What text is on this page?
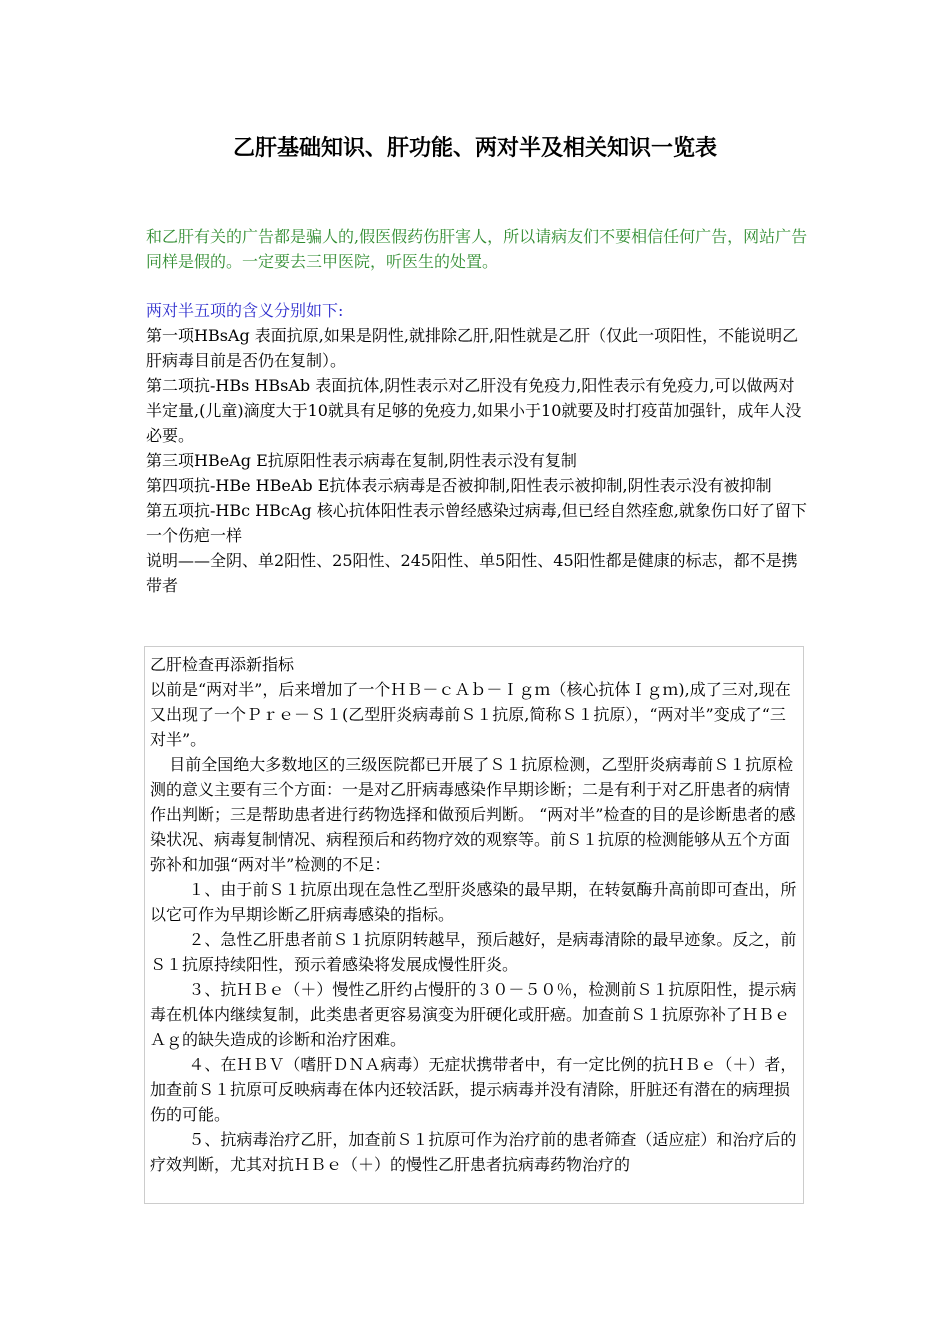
乙肝基础知识、肝功能、两对半及相关知识一览表

和乙肝有关的广告都是骗人的,假医假药伤肝害人，所以请病友们不要相信任何广告，网站广告同样是假的。一定要去三甲医院，听医生的处置。

两对半五项的含义分别如下:

第一项HBsAg 表面抗原,如果是阴性,就排除乙肝,阳性就是乙肝（仅此一项阳性，不能说明乙肝病毒目前是否仍在复制）。

第二项抗-HBs HBsAb 表面抗体,阴性表示对乙肝没有免疫力,阳性表示有免疫力,可以做两对半定量,(儿童)滴度大于10就具有足够的免疫力,如果小于10就要及时打疫苗加强针，成年人没必要。

第三项HBeAg E抗原阳性表示病毒在复制,阴性表示没有复制

第四项抗-HBe HBeAb E抗体表示病毒是否被抑制,阳性表示被抑制,阴性表示没有被抑制

第五项抗-HBc HBcAg 核心抗体阳性表示曾经感染过病毒,但已经自然痊愈,就象伤口好了留下一个伤疤一样

说明——全阴、单2阳性、25阳性、245阳性、单5阳性、45阳性都是健康的标志，都不是携带者

乙肝检查再添新指标

以前是“两对半”，后来增加了一个ＨＢ－ｃＡｂ－Ｉｇｍ（核心抗体Ｉｇｍ),成了三对,现在又出现了一个Ｐｒｅ－Ｓ１(乙型肝炎病毒前Ｓ１抗原,简称Ｓ１抗原），“两对半”变成了“三对半”。

目前全国绝大多数地区的三级医院都已开展了Ｓ１抗原检测，乙型肝炎病毒前Ｓ１抗原检测的意义主要有三个方面：一是对乙肝病毒感染作早期诊断；二是有利于对乙肝患者的病情作出判断；三是帮助患者进行药物选择和做预后判断。 “两对半”检查的目的是诊断患者的感染状况、病毒复制情况、病程预后和药物疗效的观察等。前Ｓ１抗原的检测能够从五个方面弥补和加强“两对半”检测的不足：

１、由于前Ｓ１抗原出现在急性乙型肝炎感染的最早期，在转氨酶升高前即可查出，所以它可作为早期诊断乙肝病毒感染的指标。

２、急性乙肝患者前Ｓ１抗原阴转越早，预后越好，是病毒清除的最早迹象。反之，前Ｓ１抗原持续阳性，预示着感染将发展成慢性肝炎。

３、抗ＨＢｅ（＋）慢性乙肝约占慢肝的３０－５０％，检测前Ｓ１抗原阳性，提示病毒在机体内继续复制，此类患者更容易演变为肝硬化或肝癌。加查前Ｓ１抗原弥补了ＨＢｅＡｇ的缺失造成的诊断和治疗困难。

４、在ＨＢＶ（嗜肝ＤＮＡ病毒）无症状携带者中，有一定比例的抗ＨＢｅ（＋）者，加查前Ｓ１抗原可反映病毒在体内还较活跃，提示病毒并没有清除，肝脏还有潜在的病理损伤的可能。

５、抗病毒治疗乙肝，加查前Ｓ１抗原可作为治疗前的患者筛查（适应症）和治疗后的疗效判断，尤其对抗ＨＢｅ（＋）的慢性乙肝患者抗病毒药物治疗的
